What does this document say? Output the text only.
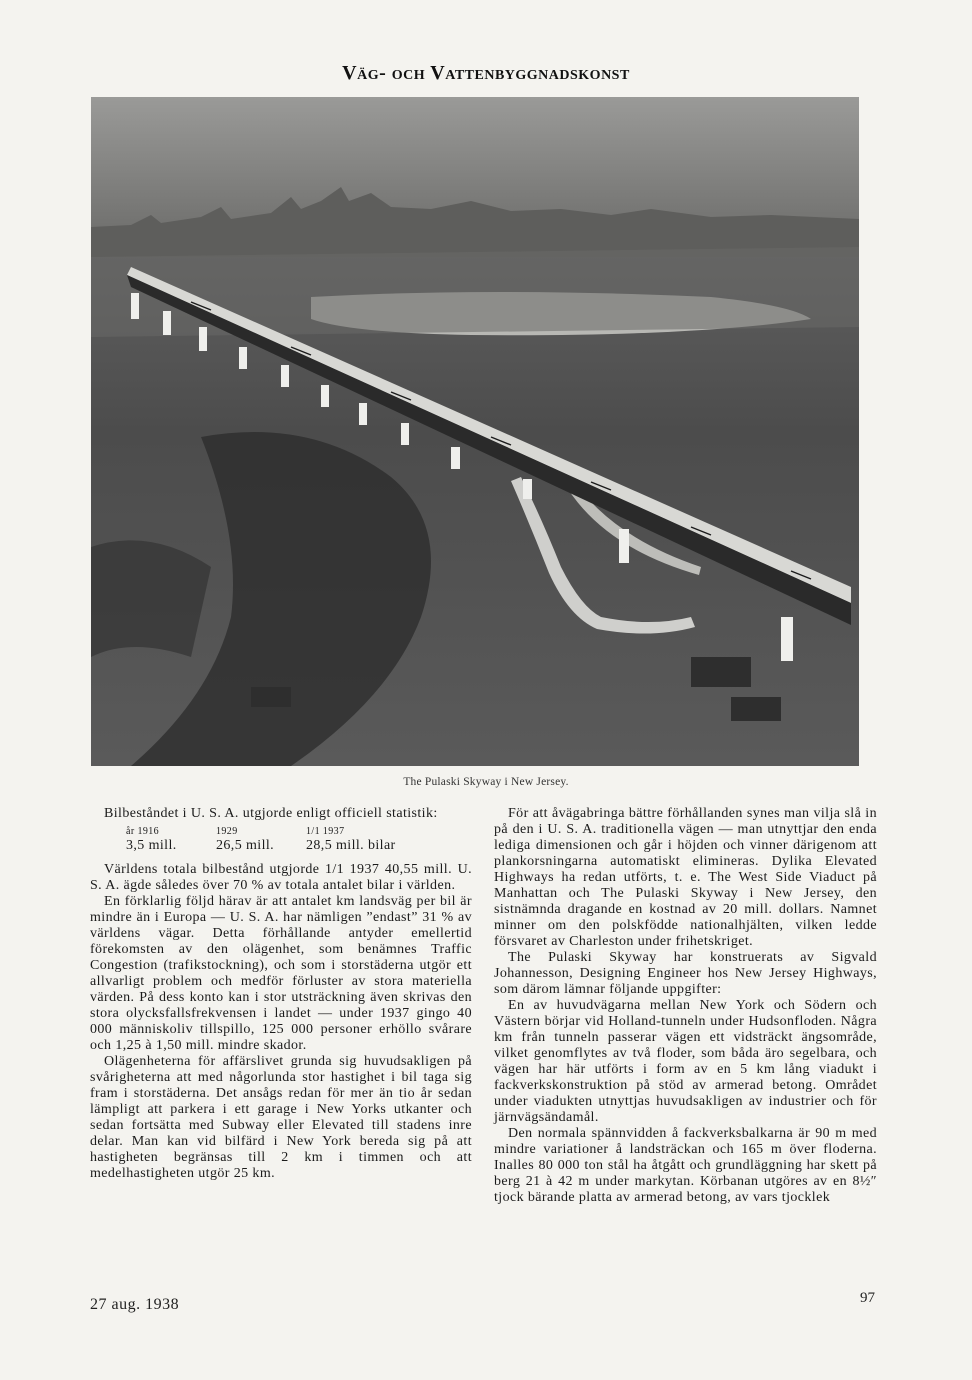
Väg- och Vattenbyggnadskonst
The Pulaski Skyway i New Jersey.

Bilbeståndet i U. S. A. utgjorde enligt officiell statistik:

år 1916	1929	1/1 1937
3,5 mill.	26,5 mill.	28,5 mill. bilar

Världens totala bilbestånd utgjorde 1/1 1937 40,55 mill. U. S. A. ägde således över 70 % av totala antalet bilar i världen.

En förklarlig följd härav är att antalet km landsväg per bil är mindre än i Europa — U. S. A. har nämligen ”endast” 31 % av världens vägar. Detta förhållande antyder emellertid förekomsten av den olägenhet, som benämnes Traffic Congestion (trafikstockning), och som i storstäderna utgör ett allvarligt problem och medför förluster av stora materiella värden. På dess konto kan i stor utsträckning även skrivas den stora olycksfallsfrekvensen i landet — under 1937 gingo 40 000 människoliv tillspillo, 125 000 personer erhöllo svårare och 1,25 à 1,50 mill. mindre skador.

Olägenheterna för affärslivet grunda sig huvudsakligen på svårigheterna att med någorlunda stor hastighet i bil taga sig fram i storstäderna. Det ansågs redan för mer än tio år sedan lämpligt att parkera i ett garage i New Yorks utkanter och sedan fortsätta med Subway eller Elevated till stadens inre delar. Man kan vid bilfärd i New York bereda sig på att hastigheten begränsas till 2 km i timmen och att medelhastigheten utgör 25 km.

För att åvägabringa bättre förhållanden synes man vilja slå in på den i U. S. A. traditionella vägen — man utnyttjar den enda lediga dimensionen och går i höjden och vinner därigenom att plankorsningarna automatiskt elimineras. Dylika Elevated Highways ha redan utförts, t. e. The West Side Viaduct på Manhattan och The Pulaski Skyway i New Jersey, den sistnämnda dragande en kostnad av 20 mill. dollars. Namnet minner om den polskfödde nationalhjälten, vilken ledde försvaret av Charleston under frihetskriget.

The Pulaski Skyway har konstruerats av Sigvald Johannesson, Designing Engineer hos New Jersey Highways, som därom lämnar följande uppgifter:

En av huvudvägarna mellan New York och Södern och Västern börjar vid Holland-tunneln under Hudsonfloden. Några km från tunneln passerar vägen ett vidsträckt ängsområde, vilket genomflytes av två floder, som båda äro segelbara, och vägen har här utförts i form av en 5 km lång viadukt i fackverkskonstruktion på stöd av armerad betong. Området under viadukten utnyttjas huvudsakligen av industrier och för järnvägsändamål.

Den normala spännvidden å fackverksbalkarna är 90 m med mindre variationer å landsträckan och 165 m över floderna. Inalles 80 000 ton stål ha åtgått och grundläggning har skett på berg 21 à 42 m under markytan. Körbanan utgöres av en 8½″ tjock bärande platta av armerad betong, av vars tjocklek

27 aug. 1938	97
